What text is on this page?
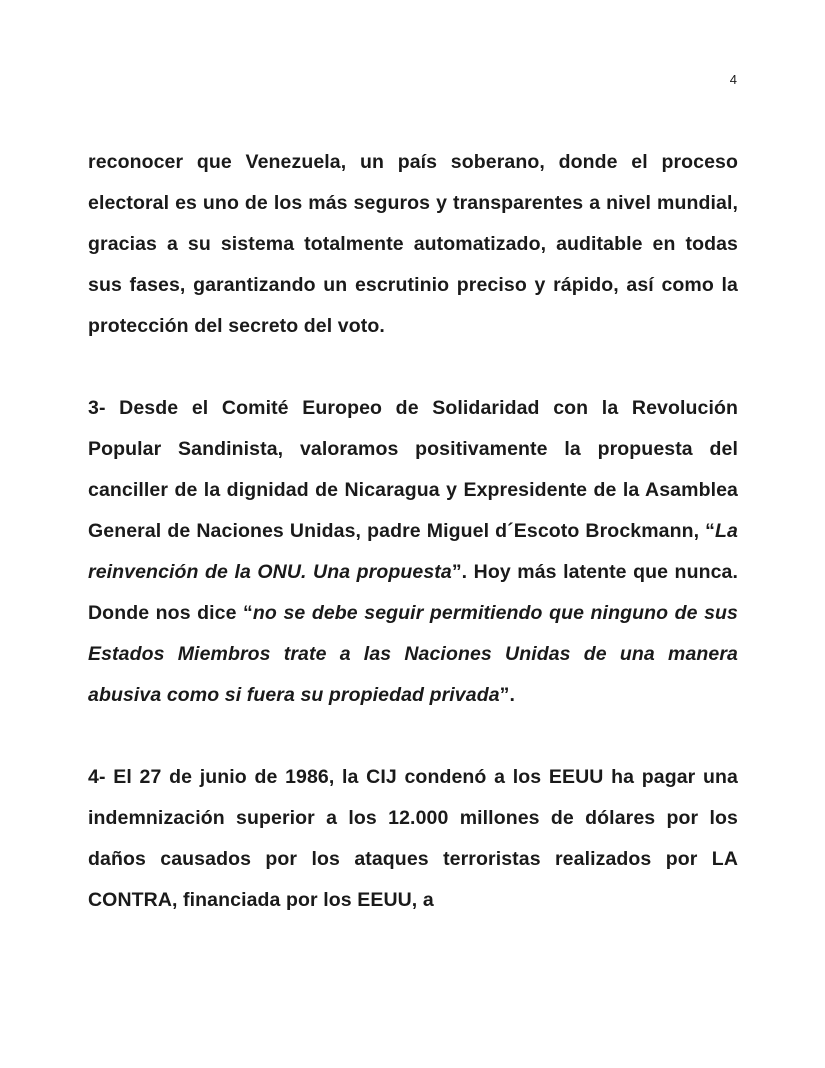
4

reconocer que Venezuela, un país soberano, donde el proceso electoral es uno de los más seguros y transparentes a nivel mundial, gracias a su sistema totalmente automatizado, auditable en todas sus fases, garantizando un escrutinio preciso y rápido, así como la protección del secreto del voto.

3- Desde el Comité Europeo de Solidaridad con la Revolución Popular Sandinista, valoramos positivamente la propuesta del canciller de la dignidad de Nicaragua y Expresidente de la Asamblea General de Naciones Unidas, padre Miguel d´Escoto Brockmann, “La reinvención de la ONU. Una propuesta”. Hoy más latente que nunca. Donde nos dice “no se debe seguir permitiendo que ninguno de sus Estados Miembros trate a las Naciones Unidas de una manera abusiva como si fuera su propiedad privada”.

4- El 27 de junio de 1986, la CIJ condenó a los EEUU ha pagar una indemnización superior a los 12.000 millones de dólares por los daños causados por los ataques terroristas realizados por LA CONTRA, financiada por los EEUU, a
